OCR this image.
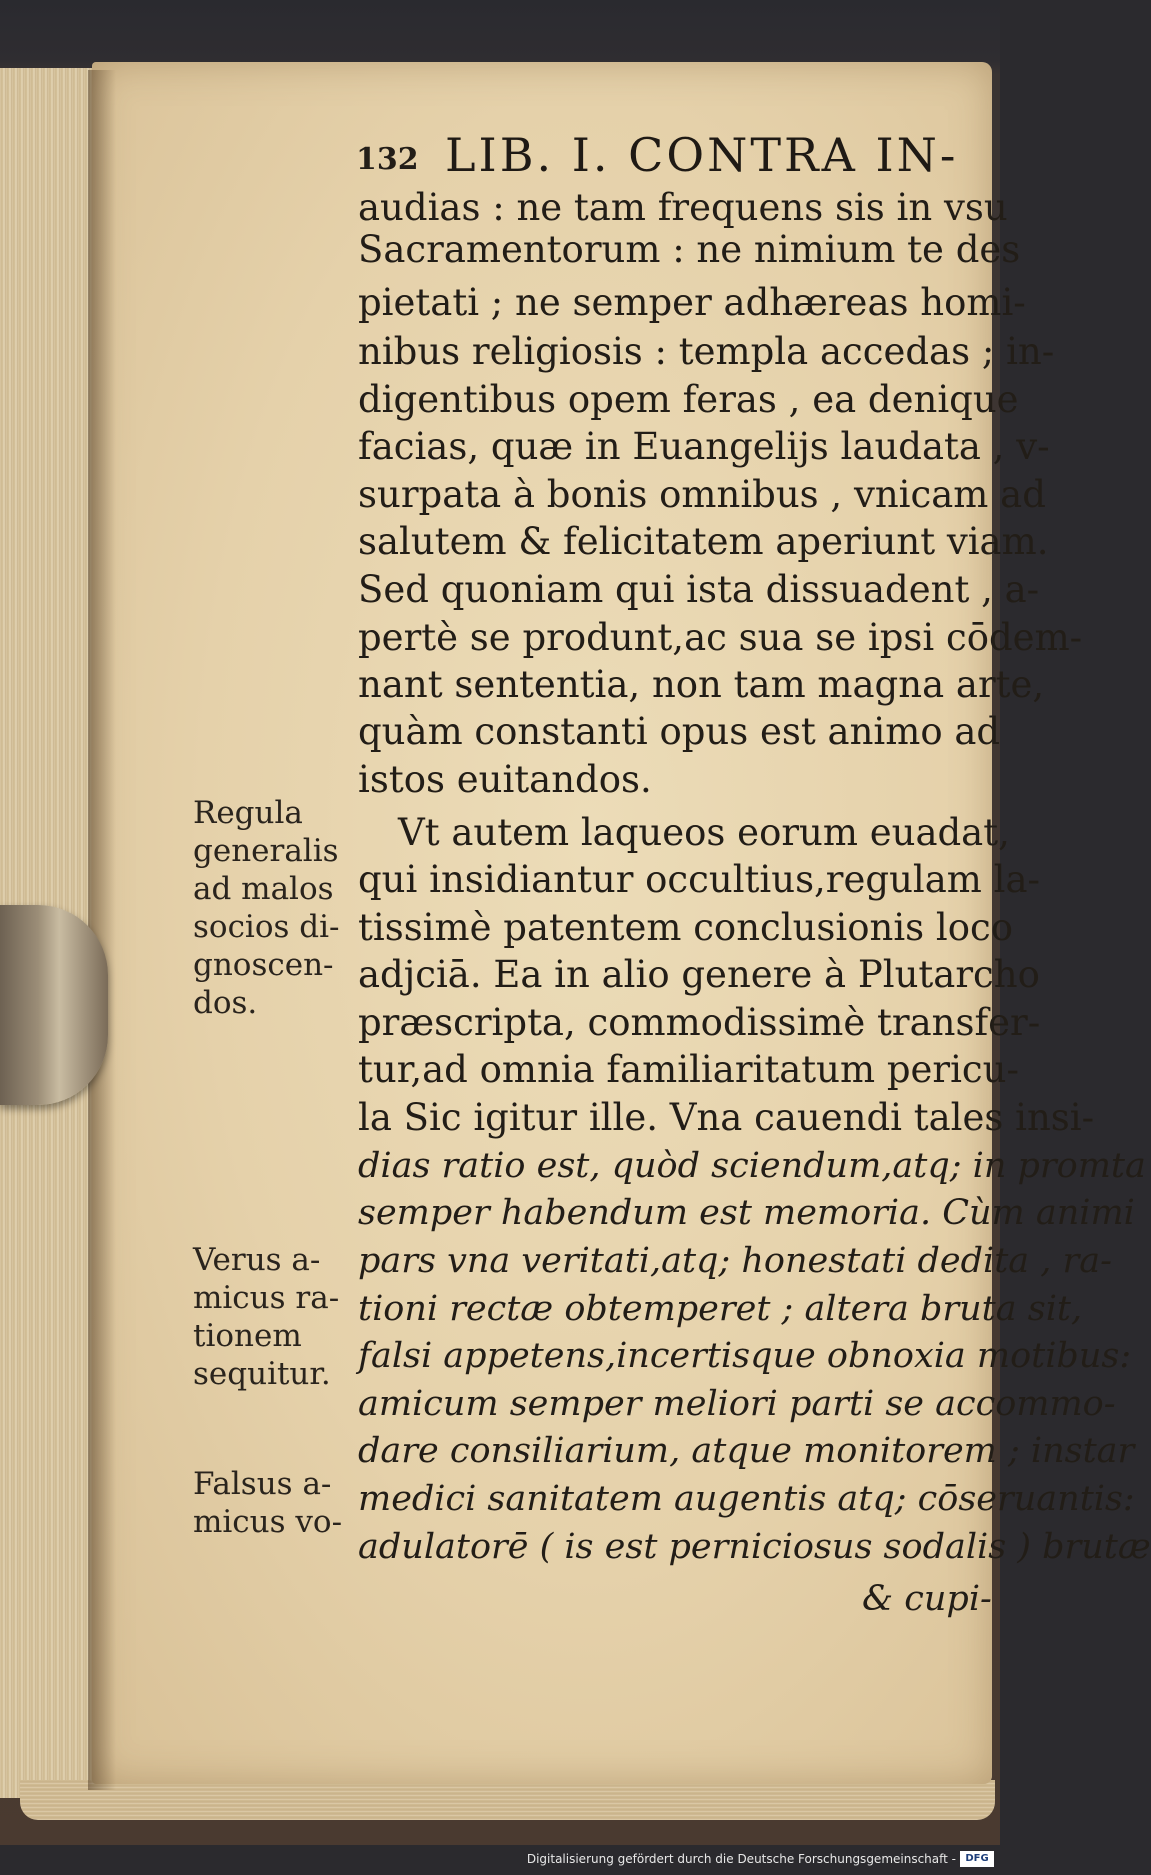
132 LIB. I. CONTRA IN-
audias : ne tam frequens sis in vsu
Sacramentorum : ne nimium te des
pietati ; ne semper adhæreas homi-
nibus religiosis : templa accedas ; in-
digentibus opem feras , ea denique
facias, quæ in Euangelijs laudata , v-
surpata à bonis omnibus , vnicam ad
salutem & felicitatem aperiunt viam.
Sed quoniam qui ista dissuadent , a-
pertè se produnt,ac sua se ipsi cōdem-
nant sententia, non tam magna arte,
quàm constanti opus est animo ad
istos euitandos.
Vt autem laqueos eorum euadat,
qui insidiantur occultius,regulam la-
tissimè patentem conclusionis loco
adjciā. Ea in alio genere à Plutarcho
præscripta, commodissimè transfer-
tur,ad omnia familiaritatum pericu-
la Sic igitur ille. Vna cauendi tales insi-
dias ratio est, quòd sciendum,atq; in promta
semper habendum est memoria. Cùm animi
pars vna veritati,atq; honestati dedita , ra-
tioni rectæ obtemperet ; altera bruta sit,
falsi appetens,incertisque obnoxia motibus:
amicum semper meliori parti se accommo-
dare consiliarium, atque monitorem ; instar
medici sanitatem augentis atq; cōseruantis:
adulatorē ( is est perniciosus sodalis ) brutæ
& cupi-
Regula
generalis
ad malos
socios di-
gnoscen-
dos.
Verus a-
micus ra-
tionem
sequitur.
Falsus a-
micus vo-
Digitalisierung gefördert durch die Deutsche Forschungsgemeinschaft - DFG
